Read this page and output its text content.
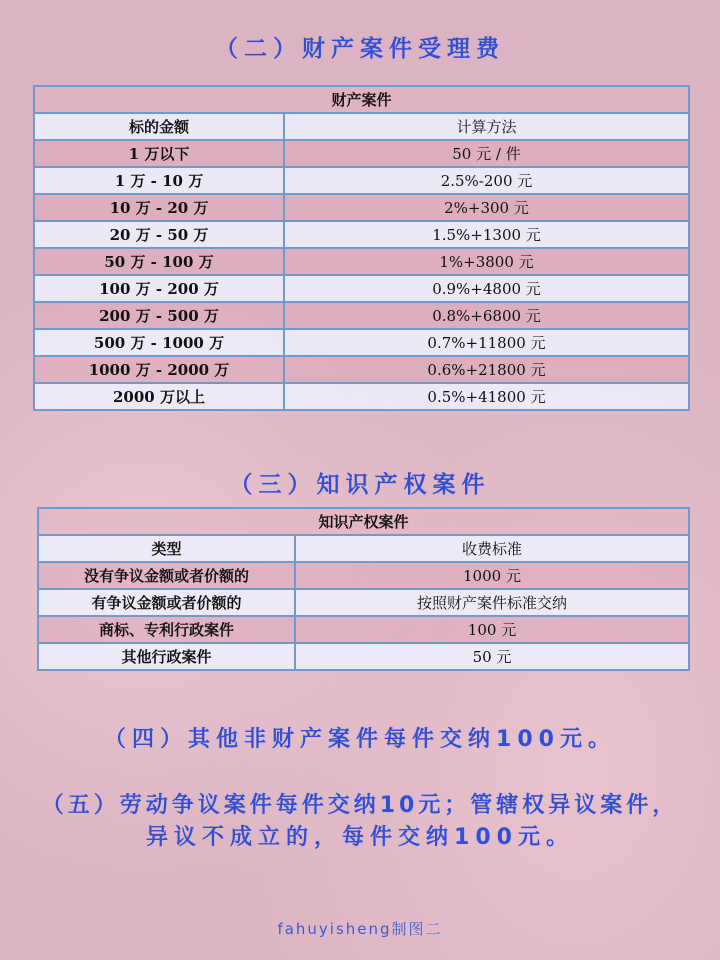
（二）财产案件受理费
财产案件	
标的金额	计算方法
1 万以下	50 元 / 件
1 万 - 10 万	2.5%-200 元
10 万 - 20 万	2%+300 元
20 万 - 50 万	1.5%+1300 元
50 万 - 100 万	1%+3800 元
100 万 - 200 万	0.9%+4800 元
200 万 - 500 万	0.8%+6800 元
500 万 - 1000 万	0.7%+11800 元
1000 万 - 2000 万	0.6%+21800 元
2000 万以上	0.5%+41800 元
（三）知识产权案件
知识产权案件	
类型	收费标准
没有争议金额或者价额的	1000 元
有争议金额或者价额的	按照财产案件标准交纳
商标、专利行政案件	100 元
其他行政案件	50 元
（四）其他非财产案件每件交纳100元。
（五）劳动争议案件每件交纳10元；管辖权异议案件，
异议不成立的，每件交纳100元。
fahuyisheng制图二
